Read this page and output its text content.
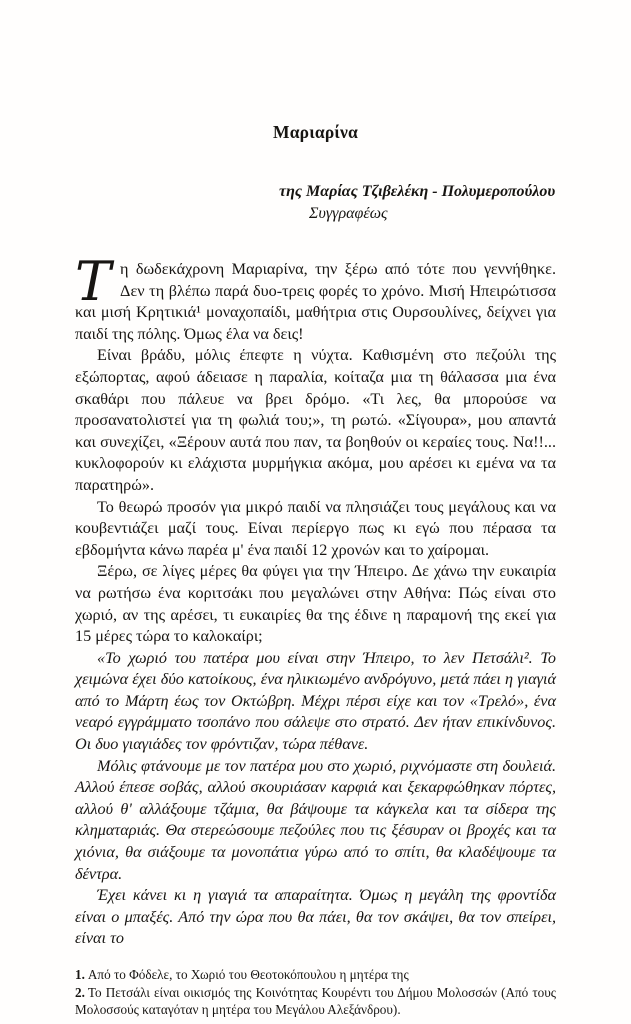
Μαριαρίνα
της Μαρίας Τζιβελέκη - Πολυμεροπούλου
Συγγραφέως

Τη δωδεκάχρονη Μαριαρίνα, την ξέρω από τότε που γεννήθηκε. Δεν τη βλέπω παρά δυο-τρεις φορές το χρόνο. Μισή Ηπειρώτισσα και μισή Κρητικιά¹ μοναχοπαίδι, μαθήτρια στις Ουρσουλίνες, δείχνει για παιδί της πόλης. Όμως έλα να δεις!

Είναι βράδυ, μόλις έπεφτε η νύχτα. Καθισμένη στο πεζούλι της εξώπορτας, αφού άδειασε η παραλία, κοίταζα μια τη θάλασσα μια ένα σκαθάρι που πάλευε να βρει δρόμο. «Τι λες, θα μπορούσε να προσανατολιστεί για τη φωλιά του;», τη ρωτώ. «Σίγουρα», μου απαντά και συνεχίζει, «Ξέρουν αυτά που παν, τα βοηθούν οι κεραίες τους. Να!!... κυκλοφορούν κι ελάχιστα μυρμήγκια ακόμα, μου αρέσει κι εμένα να τα παρατηρώ».

Το θεωρώ προσόν για μικρό παιδί να πλησιάζει τους μεγάλους και να κουβεντιάζει μαζί τους. Είναι περίεργο πως κι εγώ που πέρασα τα εβδομήντα κάνω παρέα μ' ένα παιδί 12 χρονών και το χαίρομαι.

Ξέρω, σε λίγες μέρες θα φύγει για την Ήπειρο. Δε χάνω την ευκαιρία να ρωτήσω ένα κοριτσάκι που μεγαλώνει στην Αθήνα: Πώς είναι στο χωριό, αν της αρέσει, τι ευκαιρίες θα της έδινε η παραμονή της εκεί για 15 μέρες τώρα το καλοκαίρι;

«Το χωριό του πατέρα μου είναι στην Ήπειρο, το λεν Πετσάλι². Το χειμώνα έχει δύο κατοίκους, ένα ηλικιωμένο ανδρόγυνο, μετά πάει η γιαγιά από το Μάρτη έως τον Οκτώβρη. Μέχρι πέρσι είχε και τον «Τρελό», ένα νεαρό εγγράμματο τσοπάνο που σάλεψε στο στρατό. Δεν ήταν επικίνδυνος. Οι δυο γιαγιάδες τον φρόντιζαν, τώρα πέθανε.

Μόλις φτάνουμε με τον πατέρα μου στο χωριό, ριχνόμαστε στη δουλειά. Αλλού έπεσε σοβάς, αλλού σκουριάσαν καρφιά και ξεκαρφώθηκαν πόρτες, αλλού θ' αλλάξουμε τζάμια, θα βάψουμε τα κάγκελα και τα σίδερα της κληματαριάς. Θα στερεώσουμε πεζούλες που τις ξέσυραν οι βροχές και τα χιόνια, θα σιάξουμε τα μονοπάτια γύρω από το σπίτι, θα κλαδέψουμε τα δέντρα.

Έχει κάνει κι η γιαγιά τα απαραίτητα. Όμως η μεγάλη της φροντίδα είναι ο μπαξές. Από την ώρα που θα πάει, θα τον σκάψει, θα τον σπείρει, είναι το

1. Από το Φόδελε, το Χωριό του Θεοτοκόπουλου η μητέρα της

2. Το Πετσάλι είναι οικισμός της Κοινότητας Κουρέντι του Δήμου Μολοσσών (Από τους Μολοσσούς καταγόταν η μητέρα του Μεγάλου Αλεξάνδρου).
